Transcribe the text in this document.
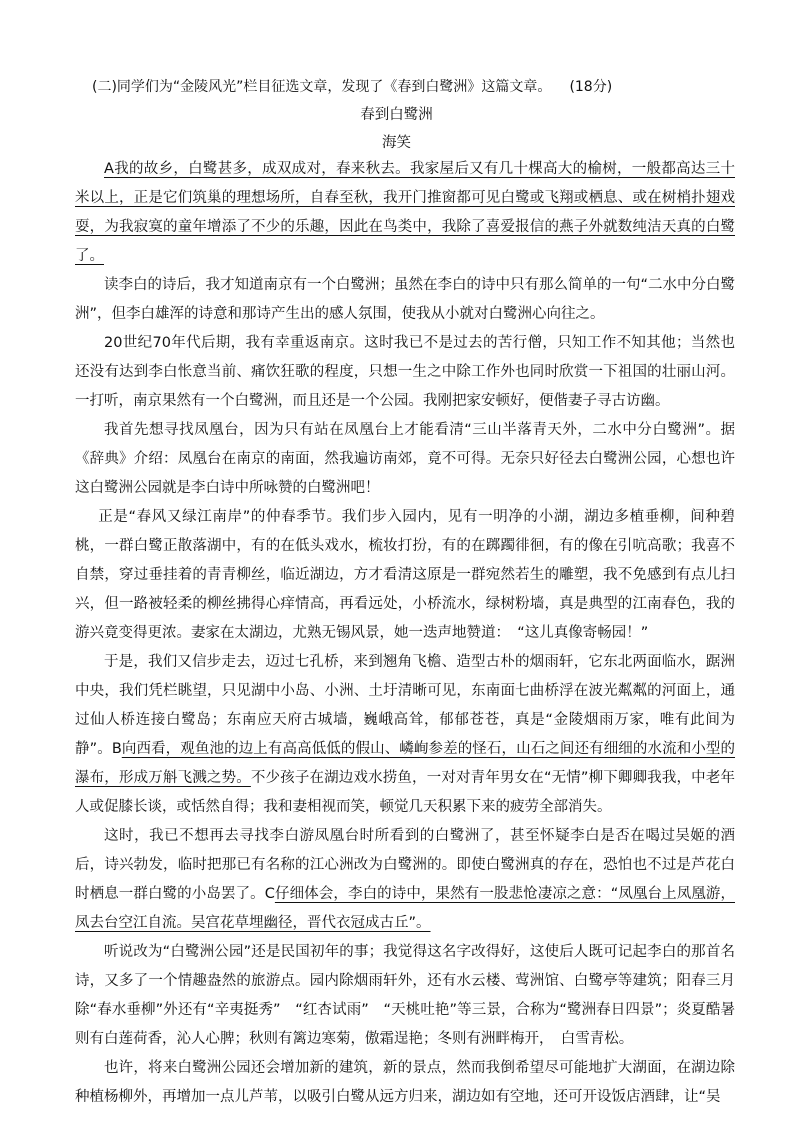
(二)同学们为“金陵风光”栏目征选文章，发现了《春到白鹭洲》这篇文章。 (18分)
春到白鹭洲
海笑

A我的故乡，白鹭甚多，成双成对，春来秋去。我家屋后又有几十棵高大的榆树，一般都高达三十米以上，正是它们筑巢的理想场所，自春至秋，我开门推窗都可见白鹭或飞翔或栖息、或在树梢扑翅戏耍，为我寂寞的童年增添了不少的乐趣，因此在鸟类中，我除了喜爱报信的燕子外就数纯洁天真的白鹭了。

读李白的诗后，我才知道南京有一个白鹭洲；虽然在李白的诗中只有那么简单的一句“二水中分白鹭洲”，但李白雄浑的诗意和那诗产生出的感人氛围，使我从小就对白鹭洲心向往之。

20世纪70年代后期，我有幸重返南京。这时我已不是过去的苦行僧，只知工作不知其他；当然也还没有达到李白怅意当前、痛饮狂歌的程度，只想一生之中除工作外也同时欣赏一下祖国的壮丽山河。一打听，南京果然有一个白鹭洲，而且还是一个公园。我刚把家安顿好，便偕妻子寻古访幽。

我首先想寻找凤凰台，因为只有站在凤凰台上才能看清“三山半落青天外，二水中分白鹭洲”。据《辞典》介绍：凤凰台在南京的南面，然我遍访南郊，竟不可得。无奈只好径去白鹭洲公园，心想也许这白鹭洲公园就是李白诗中所咏赞的白鹭洲吧！

正是“春风又绿江南岸”的仲春季节。我们步入园内，见有一明净的小湖，湖边多植垂柳，间种碧桃，一群白鹭正散落湖中，有的在低头戏水，梳妆打扮，有的在踯躅徘徊，有的像在引吭高歌；我喜不自禁，穿过垂挂着的青青柳丝，临近湖边，方才看清这原是一群宛然若生的雕塑，我不免感到有点儿扫兴，但一路被轻柔的柳丝拂得心痒情高，再看远处，小桥流水，绿树粉墙，真是典型的江南春色，我的游兴竟变得更浓。妻家在太湖边，尤熟无锡风景，她一迭声地赞道：　“这儿真像寄畅园！”

于是，我们又信步走去，迈过七孔桥，来到翘角飞檐、造型古朴的烟雨轩，它东北两面临水，踞洲中央，我们凭栏眺望，只见湖中小岛、小洲、土圩清晰可见，东南面七曲桥浮在波光粼粼的河面上，通过仙人桥连接白鹭岛；东南应天府古城墙，巍峨高耸，郁郁苍苍，真是“金陵烟雨万家，唯有此间为静”。B向西看，观鱼池的边上有高高低低的假山、嶙峋参差的怪石，山石之间还有细细的水流和小型的瀑布，形成万斛飞溅之势。不少孩子在湖边戏水捞鱼，一对对青年男女在“无情”柳下卿卿我我，中老年人或促膝长谈，或恬然自得；我和妻相视而笑，顿觉几天积累下来的疲劳全部消失。

这时，我已不想再去寻找李白游凤凰台时所看到的白鹭洲了，甚至怀疑李白是否在喝过吴姬的酒后，诗兴勃发，临时把那已有名称的江心洲改为白鹭洲的。即使白鹭洲真的存在，恐怕也不过是芦花白时栖息一群白鹭的小岛罢了。C仔细体会，李白的诗中，果然有一股悲怆凄凉之意：“凤凰台上凤凰游，凤去台空江自流。吴宫花草埋幽径，晋代衣冠成古丘”。

听说改为“白鹭洲公园”还是民国初年的事；我觉得这名字改得好，这使后人既可记起李白的那首名诗，又多了一个情趣盎然的旅游点。园内除烟雨轩外，还有水云楼、莺洲馆、白鹭亭等建筑；阳春三月除“春水垂柳”外还有“辛夷挺秀”　“红杏试雨”　“天桃吐艳”等三景，合称为“鹭洲春日四景”；炎夏酷暑则有白莲荷香，沁人心脾；秋则有篱边寒菊，傲霜逞艳；冬则有洲畔梅开，　白雪青松。

也许，将来白鹭洲公园还会增加新的建筑，新的景点，然而我倒希望尽可能地扩大湖面，在湖边除种植杨柳外，再增加一点儿芦苇，以吸引白鹭从远方归来，湖边如有空地，还可开设饭店酒肆，让“吴
